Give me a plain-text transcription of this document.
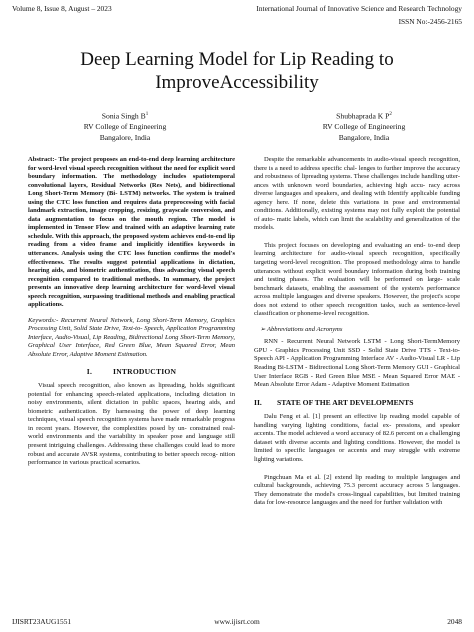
Volume 8, Issue 8, August – 2023	International Journal of Innovative Science and Research Technology
ISSN No:-2456-2165
Deep Learning Model for Lip Reading to
ImproveAccessibility
Sonia Singh $B^1$
RV College of Engineering
Bangalore, India
Shubhaprada K $P^2$
RV College of Engineering
Bangalore, India

Abstract:- The project proposes an end-to-end deep learning architecture for word-level visual speech recognition without the need for explicit word boundary information. The methodology includes spatiotemporal convolutional layers, Residual Networks (Res Nets), and bidirectional Long Short-Term Memory (Bi- LSTM) networks. The system is trained using the CTC loss function and requires data preprocessing with facial landmark extraction, image cropping, resizing, grayscale conversion, and data augmentation to focus on the mouth region. The model is implemented in Tensor Flow and trained with an adaptive learning rate schedule. With this approach, the proposed system achieves end-to-end lip reading from a video frame and implicitly identifies keywords in utterances. Analysis using the CTC loss function confirms the model's effectiveness. The results suggest potential applications in dictation, hearing aids, and biometric authentication, thus advancing visual speech recognition compared to traditional methods. In summary, the project presents an innovative deep learning architecture for word-level visual speech recognition, surpassing traditional methods and enabling practical applications.

Keywords:- Recurrent Neural Network, Long Short-Term Memory, Graphics Processing Unit, Solid State Drive, Text-to- Speech, Application Programming Interface, Audio-Visual, Lip Reading, Bidirectional Long Short-Term Memory, Graphical User Interface, Red Green Blue, Mean Squared Error, Mean Absolute Error, Adaptive Moment Estimation.

I.          INTRODUCTION

Visual speech recognition, also known as lipreading, holds significant potential for enhancing speech-related applications, including dictation in noisy environments, silent dictation in public spaces, hearing aids, and biometric authentication. By harnessing the power of deep learning techniques, visual speech recognition systems have made remarkable progress in recent years. However, the complexities posed by un- constrained real-world environments and the variability in speaker pose and language still present intriguing challenges. Addressing these challenges could lead to more robust and accurate AVSR systems, contributing to better speech recog- nition performance in various practical scenarios.

Despite the remarkable advancements in audio-visual speech recognition, there is a need to address specific chal- lenges to further improve the accuracy and robustness of lipreading systems. These challenges include handling utter- ances with unknown word boundaries, achieving high accu- racy across diverse languages and speakers, and dealing with Identify applicable funding agency here. If none, delete this variations in pose and environmental conditions. Additionally, existing systems may not fully exploit the potential of auto- matic labels, which can limit the scalability and generalization of the models.

This project focuses on developing and evaluating an end- to-end deep learning architecture for audio-visual speech recognition, specifically targeting word-level recognition. The proposed methodology aims to handle utterances without explicit word boundary information during both training and testing phases. The evaluation will be performed on large- scale benchmark datasets, enabling the assessment of the system's performance across multiple languages and diverse speakers. However, the project's scope does not extend to other speech recognition tasks, such as sentence-level classification or phoneme-level recognition.

➢ Abbreviations and Acronyms

RNN - Recurrent Neural Network LSTM - Long Short-TermMemory GPU - Graphics Processing Unit SSD - Solid State Drive TTS - Text-to-Speech API - Application Programming Interface AV - Audio-Visual LR - Lip Reading Bi-LSTM - Bidirectional Long Short-Term Memory GUI - Graphical User Interface RGB - Red Green Blue MSE - Mean Squared Error MAE - Mean Absolute Error Adam - Adaptive Moment Estimation

II.        STATE OF THE ART DEVELOPMENTS

Dalu Feng et al. [1] present an effective lip reading model capable of handling varying lighting conditions, facial ex- pressions, and speaker accents. The model achieved a word accuracy of 82.6 percent on a challenging dataset with diverse accents and lighting conditions. However, the model is limited to specific languages or accents and may struggle with extreme lighting variations.

Pingchuan Ma et al. [2] extend lip reading to multiple languages and cultural backgrounds, achieving 75.3 percent accuracy across 5 languages. They demonstrate the model's cross-lingual capabilities, but limited training data for low-resource languages and the need for further validation with

IJISRT23AUG1551	www.ijisrt.com	2048
